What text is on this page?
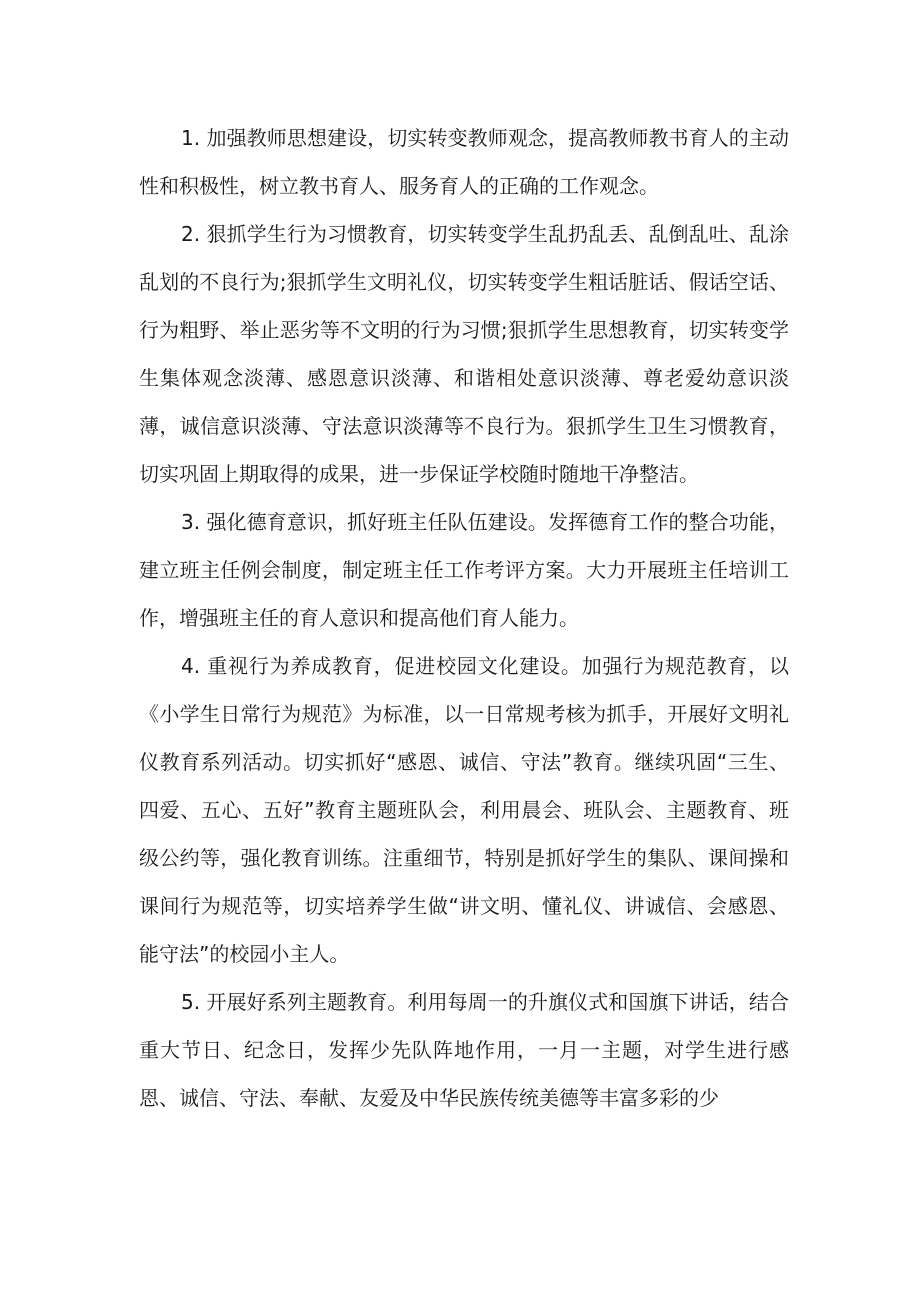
1. 加强教师思想建设，切实转变教师观念，提高教师教书育人的主动性和积极性，树立教书育人、服务育人的正确的工作观念。

2. 狠抓学生行为习惯教育，切实转变学生乱扔乱丢、乱倒乱吐、乱涂乱划的不良行为;狠抓学生文明礼仪，切实转变学生粗话脏话、假话空话、行为粗野、举止恶劣等不文明的行为习惯;狠抓学生思想教育，切实转变学生集体观念淡薄、感恩意识淡薄、和谐相处意识淡薄、尊老爱幼意识淡薄，诚信意识淡薄、守法意识淡薄等不良行为。狠抓学生卫生习惯教育，切实巩固上期取得的成果，进一步保证学校随时随地干净整洁。

3. 强化德育意识，抓好班主任队伍建设。发挥德育工作的整合功能，建立班主任例会制度，制定班主任工作考评方案。大力开展班主任培训工作，增强班主任的育人意识和提高他们育人能力。

4. 重视行为养成教育，促进校园文化建设。加强行为规范教育，以《小学生日常行为规范》为标准，以一日常规考核为抓手，开展好文明礼仪教育系列活动。切实抓好“感恩、诚信、守法”教育。继续巩固“三生、四爱、五心、五好”教育主题班队会，利用晨会、班队会、主题教育、班级公约等，强化教育训练。注重细节，特别是抓好学生的集队、课间操和课间行为规范等，切实培养学生做“讲文明、懂礼仪、讲诚信、会感恩、能守法”的校园小主人。

5. 开展好系列主题教育。利用每周一的升旗仪式和国旗下讲话，结合重大节日、纪念日，发挥少先队阵地作用，一月一主题，对学生进行感恩、诚信、守法、奉献、友爱及中华民族传统美德等丰富多彩的少
